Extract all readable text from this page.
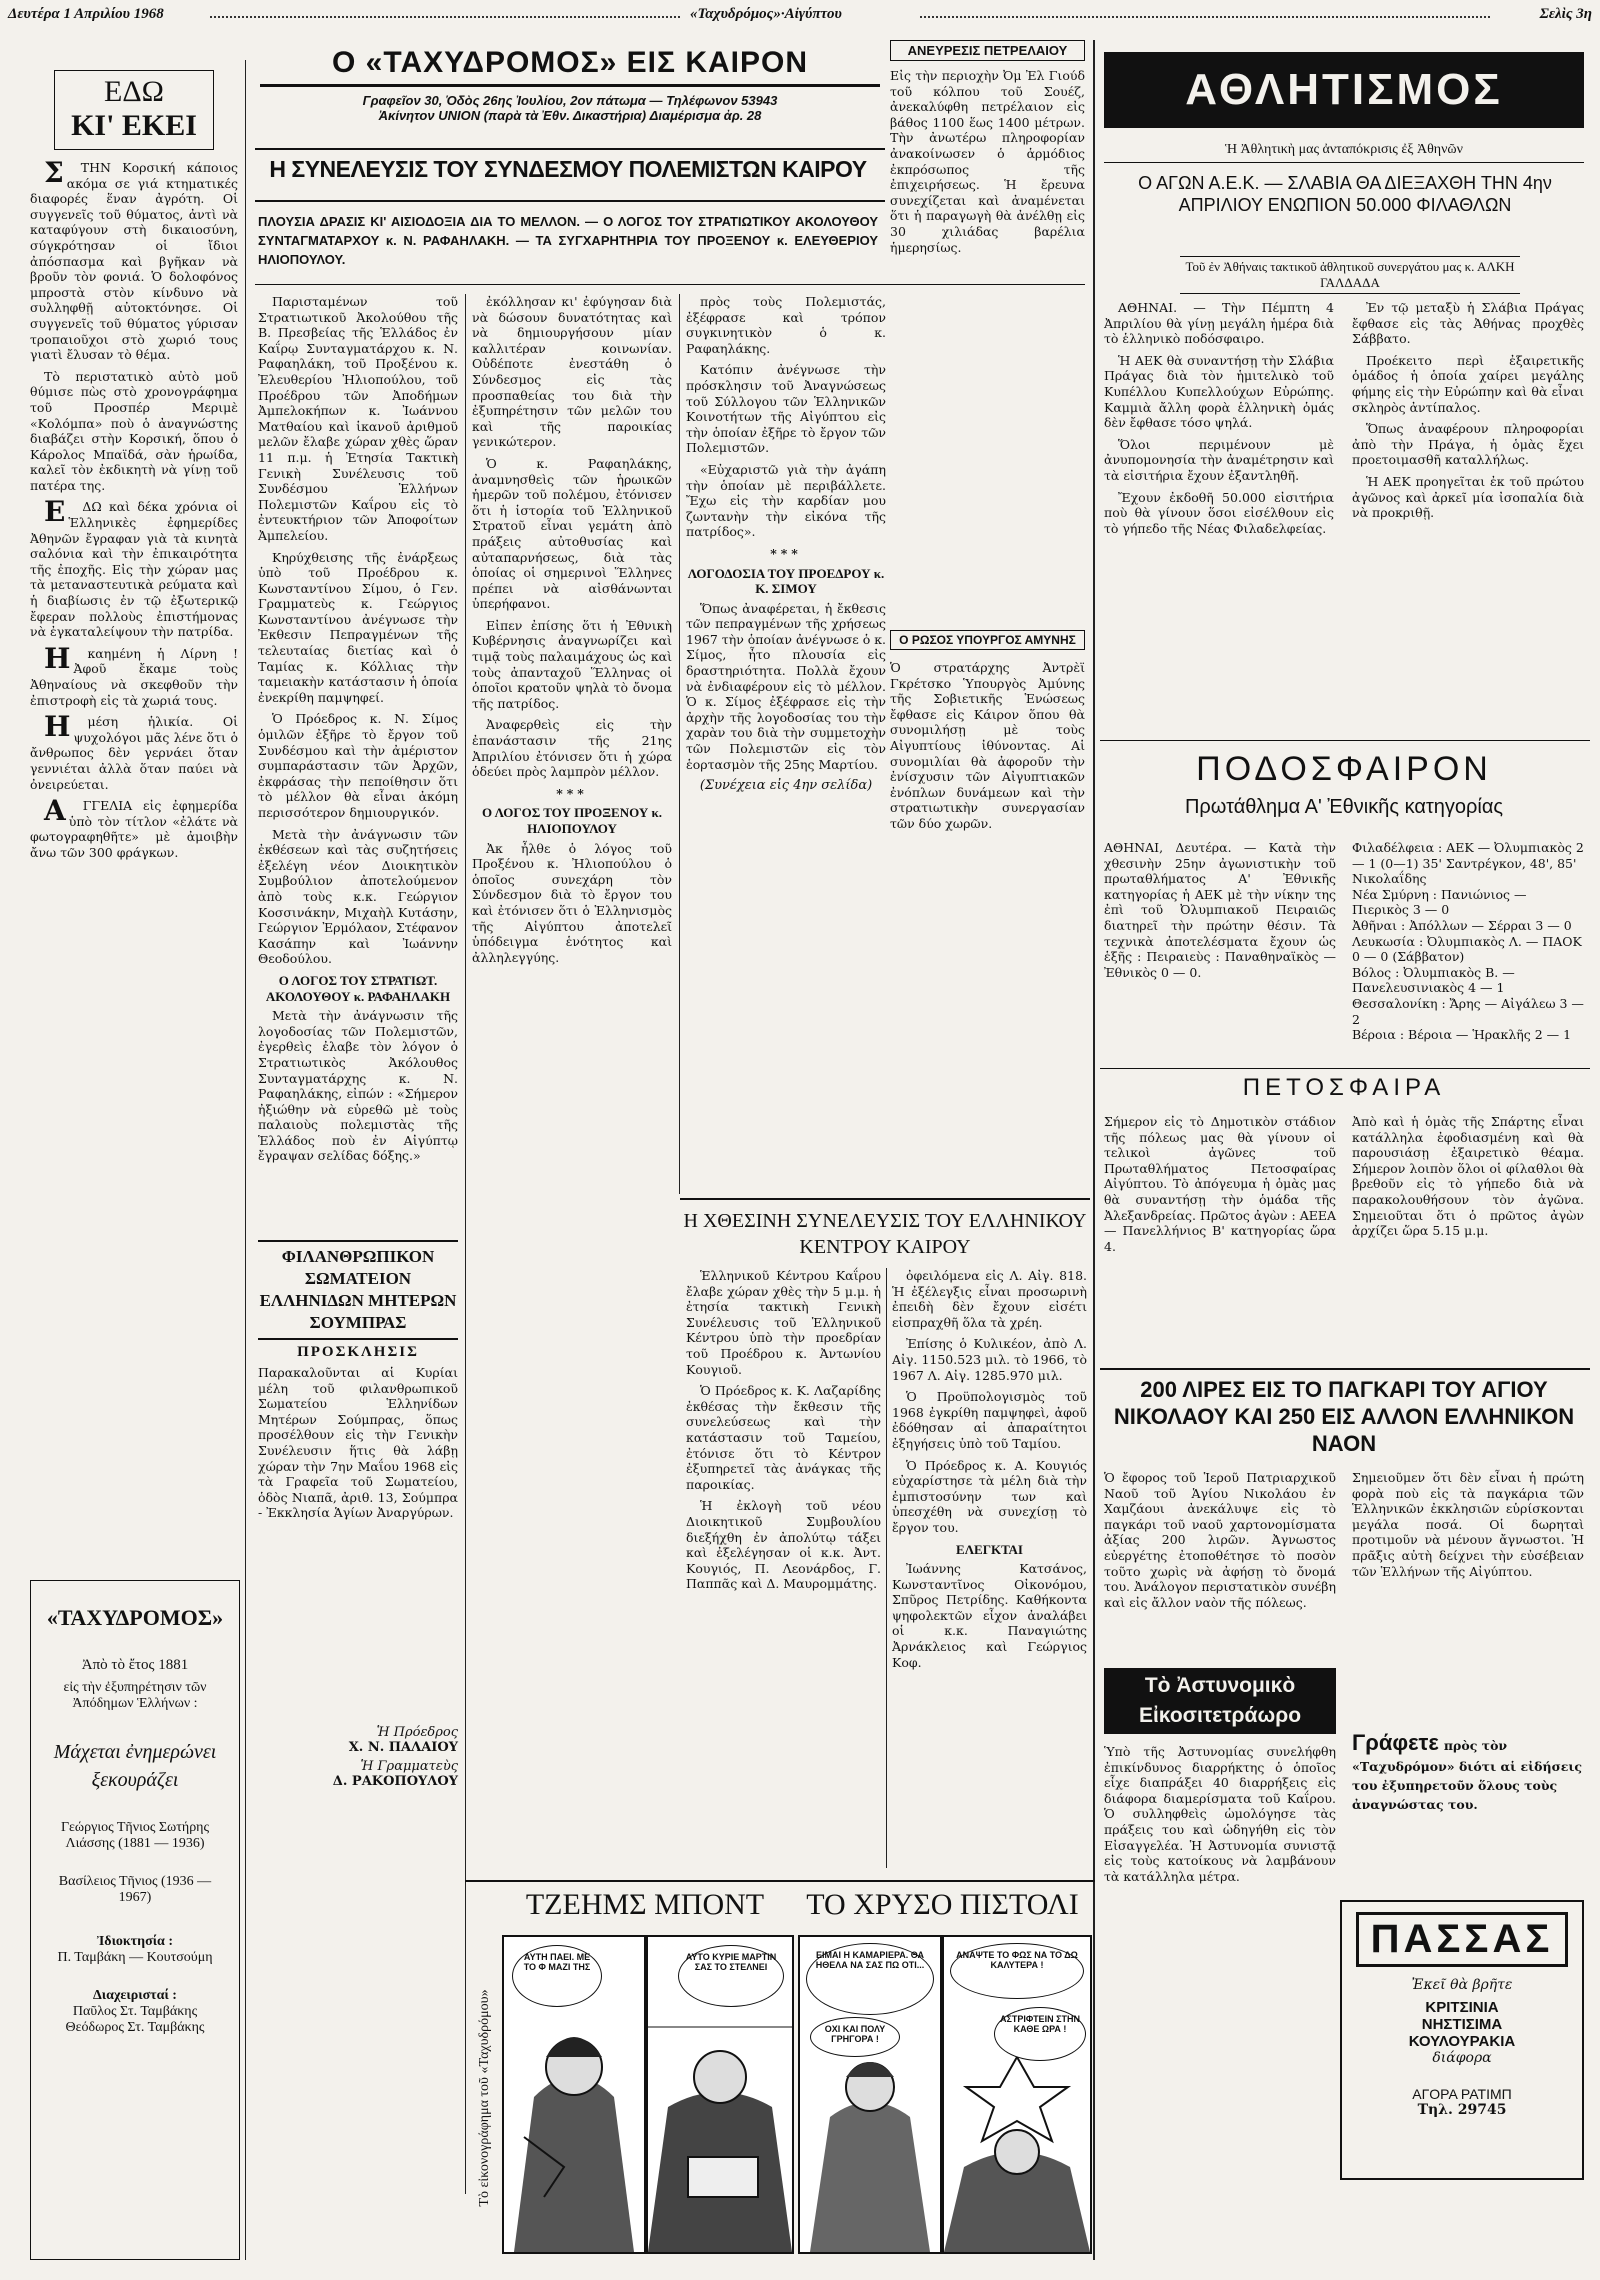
Δευτέρα 1 Απριλίου 1968	«Ταχυδρόμος»·Αἰγύπτου	Σελὶς 3η
ΕΔΩ
ΚΙ' ΕΚΕΙ

ΣΤΗΝ Κορσική κάποιος ακόμα σε γιά κτηματικές διαφορές ἕναν ἀγρότη. Οἱ συγγενεῖς τοῦ θύματος, ἀντὶ νὰ καταφύγουν στὴ δικαιοσύνη, σύγκρότησαν οἱ ἴδιοι ἀπόσπασμα καὶ βγῆκαν νὰ βροῦν τὸν φονιά. Ὁ δολοφόνος μπροστὰ στὸν κίνδυνο νὰ συλληφθῇ αὐτοκτόνησε. Οἱ συγγενεῖς τοῦ θύματος γύρισαν τροπαιοῦχοι στὸ χωριό τους γιατὶ ἔλυσαν τὸ θέμα.

Τὸ περιστατικὸ αὐτὸ μοῦ θύμισε πὼς στὸ χρονογράφημα τοῦ Προσπέρ Μεριμὲ «Κολόμπα» ποὺ ὁ ἀναγνώστης διαβάζει στὴν Κορσική, ὅπου ὁ Κάρολος Μπαϊδά, σὰν ἡρωίδα, καλεῖ τὸν ἐκδικητὴ νὰ γίνῃ τοῦ πατέρα της.

ΕΔΩ καὶ δέκα χρόνια οἱ Ἑλληνικὲς ἐφημερίδες Ἀθηνῶν ἔγραφαν γιὰ τὰ κινητὰ σαλόνια καὶ τὴν ἐπικαιρότητα τῆς ἐποχῆς. Εἰς τὴν χώραν μας τὰ μεταναστευτικὰ ρεύματα καὶ ἡ διαβίωσις ἐν τῷ ἐξωτερικῷ ἔφεραν πολλοὺς ἐπιστήμονας νὰ ἐγκαταλείψουν τὴν πατρίδα.

Ηκαημένη ἡ Λίρνη ! Ἀφοῦ ἔκαμε τοὺς Ἀθηναίους νὰ σκεφθοῦν τὴν ἐπιστροφὴ εἰς τὰ χωριά τους.

Ημέση ἡλικία. Οἱ ψυχολόγοι μᾶς λένε ὅτι ὁ ἄνθρωπος δὲν γερνάει ὅταν γεννιέται ἀλλὰ ὅταν παύει νὰ ὀνειρεύεται.

ΑΓΓΕΛΙΑ εἰς ἐφημερίδα ὑπὸ τὸν τίτλον «ἐλάτε νὰ φωτογραφηθῆτε» μὲ ἀμοιβὴν ἄνω τῶν 300 φράγκων.

«ΤΑΧΥΔΡΟΜΟΣ»
Ἀπὸ τὸ ἔτος 1881
εἰς τὴν ἐξυπηρέτησιν τῶν Ἀπόδημων Ἑλλήνων :
Μάχεται ἐνημερώνει ξεκουράζει
Γεώργιος Τῆνιος Σωτήρης Λιάσσης (1881 — 1936)
Βασίλειος Τῆνιος (1936 — 1967)
Ἰδιοκτησία :
Π. Ταμβάκη — Κουτσούμη
Διαχειρισταί :
Παῦλος Στ. Ταμβάκης Θεόδωρος Στ. Ταμβάκης
Ο «ΤΑΧΥΔΡΟΜΟΣ» ΕΙΣ ΚΑΙΡΟΝ
Γραφεῖον 30, Ὁδὸς 26ης Ἰουλίου, 2ον πάτωμα — Τηλέφωνον 53943
Ἀκίνητον UNION (παρὰ τὰ Ἐθν. Δικαστήρια) Διαμέρισμα ἀρ. 28
ΑΝΕΥΡΕΣΙΣ ΠΕΤΡΕΛΑΙΟΥ
Εἰς τὴν περιοχὴν Ὀμ Ἐλ Γιούδ τοῦ κόλπου τοῦ Σουέζ, ἀνεκαλύφθη πετρέλαιον εἰς βάθος 1100 ἕως 1400 μέτρων. Τὴν ἀνωτέρω πληροφορίαν ἀνακοίνωσεν ὁ ἁρμόδιος ἐκπρόσωπος τῆς ἐπιχειρήσεως. Ἡ ἔρευνα συνεχίζεται καὶ ἀναμένεται ὅτι ἡ παραγωγὴ θὰ ἀνέλθῃ εἰς 30 χιλιάδας βαρέλια ἡμερησίως.
Ο ΡΩΣΟΣ ΥΠΟΥΡΓΟΣ ΑΜΥΝΗΣ
Ὁ στρατάρχης Ἀντρὲϊ Γκρέτσκο Ὑπουργὸς Ἀμύνης τῆς Σοβιετικῆς Ἑνώσεως ἔφθασε εἰς Κάιρον ὅπου θὰ συνομιλήσῃ μὲ τοὺς Αἰγυπτίους ἰθύνοντας. Αἱ συνομιλίαι θὰ ἀφοροῦν τὴν ἐνίσχυσιν τῶν Αἰγυπτιακῶν ἐνόπλων δυνάμεων καὶ τὴν στρατιωτικὴν συνεργασίαν τῶν δύο χωρῶν.
Η ΣΥΝΕΛΕΥΣΙΣ ΤΟΥ ΣΥΝΔΕΣΜΟΥ ΠΟΛΕΜΙΣΤΩΝ ΚΑΙΡΟΥ
ΠΛΟΥΣΙΑ ΔΡΑΣΙΣ ΚΙ' ΑΙΣΙΟΔΟΞΙΑ ΔΙΑ ΤΟ ΜΕΛΛΟΝ. — Ο ΛΟΓΟΣ ΤΟΥ ΣΤΡΑΤΙΩΤΙΚΟΥ ΑΚΟΛΟΥΘΟΥ ΣΥΝΤΑΓΜΑΤΑΡΧΟΥ κ. Ν. ΡΑΦΑΗΛΑΚΗ. — ΤΑ ΣΥΓΧΑΡΗΤΗΡΙΑ ΤΟΥ ΠΡΟΞΕΝΟΥ κ. ΕΛΕΥΘΕΡΙΟΥ ΗΛΙΟΠΟΥΛΟΥ.

Παρισταμένων τοῦ Στρατιωτικοῦ Ἀκολούθου τῆς Β. Πρεσβείας τῆς Ἑλλάδος ἐν Καΐρῳ Συνταγματάρχου κ. Ν. Ραφαηλάκη, τοῦ Προξένου κ. Ἐλευθερίου Ἠλιοπούλου, τοῦ Προέδρου τῶν Ἀποδήμων Ἀμπελοκήπων κ. Ἰωάννου Ματθαίου καὶ ἱκανοῦ ἀριθμοῦ μελῶν ἔλαβε χώραν χθὲς ὥραν 11 π.μ. ἡ Ἐτησία Τακτικὴ Γενικὴ Συνέλευσις τοῦ Συνδέσμου Ἑλλήνων Πολεμιστῶν Καΐρου εἰς τὸ ἐντευκτήριον τῶν Ἀποφοίτων Ἀμπελείου.

Κηρύχθεισης τῆς ἐνάρξεως ὑπὸ τοῦ Προέδρου κ. Κωνσταντίνου Σίμου, ὁ Γεν. Γραμματεὺς κ. Γεώργιος Κωνσταντίνου ἀνέγνωσε τὴν Ἐκθεσιν Πεπραγμένων τῆς τελευταίας διετίας καὶ ὁ Ταμίας κ. Κόλλιας τὴν ταμειακὴν κατάστασιν ἡ ὁποία ἐνεκρίθη παμψηφεί.

Ὁ Πρόεδρος κ. Ν. Σίμος ὁμιλῶν ἐξῆρε τὸ ἔργον τοῦ Συνδέσμου καὶ τὴν ἀμέριστον συμπαράστασιν τῶν Ἀρχῶν, ἐκφράσας τὴν πεποίθησιν ὅτι τὸ μέλλον θὰ εἶναι ἀκόμη περισσότερον δημιουργικόν.

Μετὰ τὴν ἀνάγνωσιν τῶν ἐκθέσεων καὶ τὰς συζητήσεις ἐξελέγη νέον Διοικητικὸν Συμβούλιον ἀποτελούμενον ἀπὸ τοὺς κ.κ. Γεώργιον Κοσσινάκην, Μιχαὴλ Κυτάσην, Γεώργιον Ἐρμόλαον, Στέφανον Κασάπην καὶ Ἰωάννην Θεοδούλου.

Ο ΛΟΓΟΣ ΤΟΥ ΣΤΡΑΤΙΩΤ. ΑΚΟΛΟΥΘΟΥ κ. ΡΑΦΑΗΛΑΚΗ

Μετὰ τὴν ἀνάγνωσιν τῆς λογοδοσίας τῶν Πολεμιστῶν, ἐγερθεὶς ἐλαβε τὸν λόγον ὁ Στρατιωτικὸς Ἀκόλουθος Συνταγματάρχης κ. Ν. Ραφαηλάκης, εἰπών : «Σήμερον ἠξιώθην νὰ εὑρεθῶ μὲ τοὺς παλαιοὺς πολεμιστὰς τῆς Ἑλλάδος ποὺ ἐν Αἰγύπτῳ ἔγραψαν σελίδας δόξης.»

ἐκόλλησαν κι' ἐφύγησαν διὰ νὰ δώσουν δυνατότητας καὶ νὰ δημιουργήσουν μίαν καλλιτέραν κοινωνίαν. Οὐδέποτε ἐνεστάθη ὁ Σύνδεσμος εἰς τὰς προσπαθείας του διὰ τὴν ἐξυπηρέτησιν τῶν μελῶν του καὶ τῆς παροικίας γενικώτερον.

Ὁ κ. Ραφαηλάκης, ἀναμνησθεὶς τῶν ἡρωικῶν ἡμερῶν τοῦ πολέμου, ἐτόνισεν ὅτι ἡ ἱστορία τοῦ Ἑλληνικοῦ Στρατοῦ εἶναι γεμάτη ἀπὸ πράξεις αὐτοθυσίας καὶ αὐταπαρνήσεως, διὰ τὰς ὁποίας οἱ σημερινοὶ Ἕλληνες πρέπει νὰ αἰσθάνωνται ὑπερήφανοι.

Εἰπεν ἐπίσης ὅτι ἡ Ἐθνικὴ Κυβέρνησις ἀναγνωρίζει καὶ τιμᾷ τοὺς παλαιμάχους ὡς καὶ τοὺς ἀπανταχοῦ Ἕλληνας οἱ ὁποῖοι κρατοῦν ψηλὰ τὸ ὄνομα τῆς πατρίδος.

Ἀναφερθεὶς εἰς τὴν ἐπανάστασιν τῆς 21ης Ἀπριλίου ἐτόνισεν ὅτι ἡ χώρα ὁδεύει πρὸς λαμπρὸν μέλλον.

***
Ο ΛΟΓΟΣ ΤΟΥ ΠΡΟΞΕΝΟΥ κ. ΗΛΙΟΠΟΥΛΟΥ

Ἀκ ἦλθε ὁ λόγος τοῦ Προξένου κ. Ἠλιοπούλου ὁ ὁποῖος συνεχάρη τὸν Σύνδεσμον διὰ τὸ ἔργον του καὶ ἐτόνισεν ὅτι ὁ Ἑλληνισμὸς τῆς Αἰγύπτου ἀποτελεῖ ὑπόδειγμα ἑνότητος καὶ ἀλληλεγγύης.

ΦΙΛΑΝΘΡΩΠΙΚΟΝ ΣΩΜΑΤΕΙΟΝ ΕΛΛΗΝΙΔΩΝ ΜΗΤΕΡΩΝ ΣΟΥΜΠΡΑΣ
ΠΡΟΣΚΛΗΣΙΣ
Παρακαλοῦνται αἱ Κυρίαι μέλη τοῦ φιλανθρωπικοῦ Σωματείου Ἑλληνίδων Μητέρων Σούμπρας, ὅπως προσέλθουν εἰς τὴν Γενικὴν Συνέλευσιν ἥτις θὰ λάβῃ χώραν τὴν 7ην Μαΐου 1968 εἰς τὰ Γραφεῖα τοῦ Σωματείου, ὁδὸς Νιαπᾶ, ἀριθ. 13, Σούμπρα - Ἐκκλησία Ἁγίων Ἀναργύρων.
Ἡ Πρόεδρος
Χ. Ν. ΠΑΛΑΙΟΥ
Ἡ Γραμματεὺς
Δ. ΡΑΚΟΠΟΥΛΟΥ

πρὸς τοὺς Πολεμιστάς, ἐξέφρασε καὶ τρόπον συγκινητικὸν ὁ κ. Ραφαηλάκης.

Κατόπιν ἀνέγνωσε τὴν πρόσκλησιν τοῦ Ἀναγνώσεως τοῦ Σύλλογου τῶν Ἑλληνικῶν Κοινοτήτων τῆς Αἰγύπτου εἰς τὴν ὁποίαν ἐξῆρε τὸ ἔργον τῶν Πολεμιστῶν.

«Εὐχαριστῶ γιὰ τὴν ἀγάπη τὴν ὁποίαν μὲ περιβάλλετε. Ἔχω εἰς τὴν καρδίαν μου ζωντανὴν τὴν εἰκόνα τῆς πατρίδος».

***
ΛΟΓΟΔΟΣΙΑ ΤΟΥ ΠΡΟΕΔΡΟΥ κ. Κ. ΣΙΜΟΥ

Ὅπως ἀναφέρεται, ἡ ἔκθεσις τῶν πεπραγμένων τῆς χρήσεως 1967 τὴν ὁποίαν ἀνέγνωσε ὁ κ. Σίμος, ἦτο πλουσία εἰς δραστηριότητα. Πολλὰ ἔχουν νὰ ἐνδιαφέρουν εἰς τὸ μέλλον. Ὁ κ. Σίμος ἐξέφρασε εἰς τὴν ἀρχὴν τῆς λογοδοσίας του τὴν χαρὰν του διὰ τὴν συμμετοχὴν τῶν Πολεμιστῶν εἰς τὸν ἑορτασμὸν τῆς 25ης Μαρτίου.

(Συνέχεια εἰς 4ην σελίδα)
Η ΧΘΕΣΙΝΗ ΣΥΝΕΛΕΥΣΙΣ ΤΟΥ ΕΛΛΗΝΙΚΟΥ ΚΕΝΤΡΟΥ ΚΑΙΡΟΥ

Ἑλληνικοῦ Κέντρου Καΐρου ἔλαβε χώραν χθὲς τὴν 5 μ.μ. ἡ ἐτησία τακτικὴ Γενικὴ Συνέλευσις τοῦ Ἑλληνικοῦ Κέντρου ὑπὸ τὴν προεδρίαν τοῦ Προέδρου κ. Ἀντωνίου Κουγιοῦ.

Ὁ Πρόεδρος κ. Κ. Λαζαρίδης ἐκθέσας τὴν ἔκθεσιν τῆς συνελεύσεως καὶ τὴν κατάστασιν τοῦ Ταμείου, ἐτόνισε ὅτι τὸ Κέντρον ἐξυπηρετεῖ τὰς ἀνάγκας τῆς παροικίας.

Ἡ ἐκλογὴ τοῦ νέου Διοικητικοῦ Συμβουλίου διεξήχθη ἐν ἀπολύτῳ τάξει καὶ ἐξελέγησαν οἱ κ.κ. Ἀντ. Κουγιός, Π. Λεονάρδος, Γ. Παππᾶς καὶ Δ. Μαυρομμάτης.

ὀφειλόμενα εἰς Λ. Αἰγ. 818. Ἡ ἐξέλεγξις εἶναι προσωρινὴ ἐπειδὴ δὲν ἔχουν εἰσέτι εἰσπραχθῆ ὅλα τὰ χρέη.

Ἐπίσης ὁ Κυλικέον, ἀπὸ Λ. Αἰγ. 1150.523 μιλ. τὸ 1966, τὸ 1967 Λ. Αἰγ. 1285.970 μιλ.

Ὁ Προϋπολογισμὸς τοῦ 1968 ἐγκρίθη παμψηφεὶ, ἀφοῦ ἐδόθησαν αἱ ἀπαραίτητοι ἐξηγήσεις ὑπὸ τοῦ Ταμίου.

Ὁ Πρόεδρος κ. Α. Κουγιός εὐχαρίστησε τὰ μέλη διὰ τὴν ἐμπιστοσύνην των καὶ ὑπεσχέθη νὰ συνεχίσῃ τὸ ἔργον του.

ΕΛΕΓΚΤΑΙ

Ἰωάννης Κατσάνος, Κωνσταντῖνος Οἰκονόμου, Σπῦρος Πετρίδης. Καθήκοντα ψηφολεκτῶν εἶχον ἀναλάβει οἱ κ.κ. Παναγιώτης Ἀρνάκλειος καὶ Γεώργιος Κοφ.

ΑΘΛΗΤΙΣΜΟΣ
Ἡ Ἀθλητικὴ μας ἀνταπόκρισις ἐξ Ἀθηνῶν
Ο ΑΓΩΝ Α.Ε.Κ. — ΣΛΑΒΙΑ ΘΑ ΔΙΕΞΑΧΘΗ ΤΗΝ 4ην ΑΠΡΙΛΙΟΥ ΕΝΩΠΙΟΝ 50.000 ΦΙΛΑΘΛΩΝ
Τοῦ ἐν Ἀθήναις τακτικοῦ ἀθλητικοῦ συνεργάτου μας κ. ΑΛΚΗ ΓΑΛΔΑΔΑ

ΑΘΗΝΑΙ. — Τὴν Πέμπτη 4 Ἀπριλίου θὰ γίνῃ μεγάλη ἡμέρα διὰ τὸ ἑλληνικὸ ποδόσφαιρο.

Ἡ ΑΕΚ θὰ συναντήσῃ τὴν Σλάβια Πράγας διὰ τὸν ἡμιτελικὸ τοῦ Κυπέλλου Κυπελλούχων Εὐρώπης. Καμμιὰ ἄλλη φορὰ ἑλληνικὴ ὁμάς δὲν ἔφθασε τόσο ψηλά.

Ὅλοι περιμένουν μὲ ἀνυπομονησία τὴν ἀναμέτρησιν καὶ τὰ εἰσιτήρια ἔχουν ἐξαντληθῆ.

Ἔχουν ἐκδοθῆ 50.000 εἰσιτήρια ποὺ θὰ γίνουν ὅσοι εἰσέλθουν εἰς τὸ γήπεδο τῆς Νέας Φιλαδελφείας.

Ἐν τῷ μεταξὺ ἡ Σλάβια Πράγας ἔφθασε εἰς τὰς Ἀθήνας προχθὲς Σάββατο.

Προέκειτο περὶ ἐξαιρετικῆς ὁμάδος ἡ ὁποία χαίρει μεγάλης φήμης εἰς τὴν Εὐρώπην καὶ θὰ εἶναι σκληρὸς ἀντίπαλος.

Ὅπως ἀναφέρουν πληροφορίαι ἀπὸ τὴν Πράγα, ἡ ὁμὰς ἔχει προετοιμασθῆ καταλλήλως.

Ἡ ΑΕΚ προηγεῖται ἐκ τοῦ πρώτου ἀγῶνος καὶ ἀρκεῖ μία ἰσοπαλία διὰ νὰ προκριθῇ.

ΠΟΔΟΣΦΑΙΡΟΝ
Πρωτάθλημα Α' Ἐθνικῆς κατηγορίας
ΑΘΗΝΑΙ, Δευτέρα. — Κατὰ τὴν χθεσινὴν 25ην ἀγωνιστικὴν τοῦ πρωταθλήματος Α' Ἐθνικῆς κατηγορίας ἡ ΑΕΚ μὲ τὴν νίκην της ἐπὶ τοῦ Ὀλυμπιακοῦ Πειραιῶς διατηρεῖ τὴν πρώτην θέσιν. Τὰ τεχνικὰ ἀποτελέσματα ἔχουν ὡς ἑξῆς : Πειραιεὺς : Παναθηναϊκὸς — Ἐθνικὸς 0 — 0.
Φιλαδέλφεια : ΑΕΚ — Ὀλυμπιακὸς 2 — 1 (0—1) 35' Σαντρέγκον, 48', 85' Νικολαΐδης
Νέα Σμύρνη : Πανιώνιος — Πιερικὸς 3 — 0
Ἀθῆναι : Ἀπόλλων — Σέρραι 3 — 0
Λευκωσία : Ὀλυμπιακὸς Λ. — ΠΑΟΚ 0 — 0 (Σάββατον)
Βόλος : Ὀλυμπιακὸς Β. — Πανελευσινιακὸς 4 — 1
Θεσσαλονίκη : Ἄρης — Αἰγάλεω 3 — 2
Βέροια : Βέροια — Ἡρακλῆς 2 — 1
ΠΕΤΟΣΦΑΙΡΑ
Σήμερον εἰς τὸ Δημοτικὸν στάδιον τῆς πόλεως μας θὰ γίνουν οἱ τελικοὶ ἀγῶνες τοῦ Πρωταθλήματος Πετοσφαίρας Αἰγύπτου. Τὸ ἀπόγευμα ἡ ὁμὰς μας θὰ συναντήσῃ τὴν ὁμάδα τῆς Ἀλεξανδρείας. Πρῶτος ἀγὼν : ΑΕΕΑ — Πανελλήνιος Β' κατηγορίας ὥρα 4.
Ἀπὸ καὶ ἡ ὁμὰς τῆς Σπάρτης εἶναι κατάλληλα ἐφοδιασμένη καὶ θὰ παρουσιάσῃ ἐξαιρετικὸ θέαμα. Σήμερον λοιπὸν ὅλοι οἱ φίλαθλοι θὰ βρεθοῦν εἰς τὸ γήπεδο διὰ νὰ παρακολουθήσουν τὸν ἀγῶνα. Σημειοῦται ὅτι ὁ πρῶτος ἀγὼν ἀρχίζει ὥρα 5.15 μ.μ.
200 ΛΙΡΕΣ ΕΙΣ ΤΟ ΠΑΓΚΑΡΙ ΤΟΥ ΑΓΙΟΥ ΝΙΚΟΛΑΟΥ ΚΑΙ 250 ΕΙΣ ΑΛΛΟΝ ΕΛΛΗΝΙΚΟΝ ΝΑΟΝ
Ὁ ἔφορος τοῦ Ἱεροῦ Πατριαρχικοῦ Ναοῦ τοῦ Ἁγίου Νικολάου ἐν Χαμζάουι ἀνεκάλυψε εἰς τὸ παγκάρι τοῦ ναοῦ χαρτονομίσματα ἀξίας 200 λιρῶν. Ἀγνωστος εὐεργέτης ἐτοποθέτησε τὸ ποσὸν τοῦτο χωρὶς νὰ ἀφήσῃ τὸ ὄνομά του. Ἀνάλογον περιστατικὸν συνέβη καὶ εἰς ἄλλον ναὸν τῆς πόλεως.
Σημειοῦμεν ὅτι δὲν εἶναι ἡ πρώτη φορὰ ποὺ εἰς τὰ παγκάρια τῶν Ἑλληνικῶν ἐκκλησιῶν εὑρίσκονται μεγάλα ποσά. Οἱ δωρηταὶ προτιμοῦν νὰ μένουν ἄγνωστοι. Ἡ πρᾶξις αὐτὴ δείχνει τὴν εὐσέβειαν τῶν Ἑλλήνων τῆς Αἰγύπτου.
Τὸ Ἀστυνομικὸ Εἰκοσιτετράωρο
Ὑπὸ τῆς Ἀστυνομίας συνελήφθη ἐπικίνδυνος διαρρήκτης ὁ ὁποῖος εἶχε διαπράξει 40 διαρρήξεις εἰς διάφορα διαμερίσματα τοῦ Καΐρου. Ὁ συλληφθεὶς ὡμολόγησε τὰς πράξεις του καὶ ὡδηγήθη εἰς τὸν Εἰσαγγελέα. Ἡ Ἀστυνομία συνιστᾷ εἰς τοὺς κατοίκους νὰ λαμβάνουν τὰ κατάλληλα μέτρα.
Γράφετε πρὸς τὸν «Ταχυδρόμον» διότι αἱ εἰδήσεις του ἐξυπηρετοῦν ὅλους τοὺς ἀναγνώστας του.
ΠΑΣΣΑΣ
Ἐκεῖ θὰ βρῆτε
ΚΡΙΤΣΙΝΙΑ
ΝΗΣΤΙΣΙΜΑ
ΚΟΥΛΟΥΡΑΚΙΑ
διάφορα
ΑΓΟΡΑ ΡΑΤΙΜΠ
Τηλ. 29745
Τὸ εἰκονογράφημα τοῦ «Ταχυδρόμου»
ΤΖΕΗΜΣ ΜΠΟΝΤ	ΤΟ ΧΡΥΣΟ ΠΙΣΤΟΛΙ
ΑΥΤΗ ΠΑΕΙ. ΜΕ ΤΟ Φ ΜΑΖΙ ΤΗΣ
ΑΥΤΟ ΚΥΡΙΕ ΜΑΡΤΙΝ ΣΑΣ ΤΟ ΣΤΕΛΝΕΙ
ΕΙΜΑΙ Η ΚΑΜΑΡΙΕΡΑ. ΘΑ ΗΘΕΛΑ ΝΑ ΣΑΣ ΠΩ ΟΤΙ...
ΟΧΙ ΚΑΙ ΠΟΛΥ ΓΡΗΓΟΡΑ !
ΑΝΑΨΤΕ ΤΟ ΦΩΣ ΝΑ ΤΟ ΔΩ ΚΑΛΥΤΕΡΑ !
ΑΣΤΡΙΦΤΕΙΝ ΣΤΗΝ ΚΑΘΕ ΩΡΑ !
